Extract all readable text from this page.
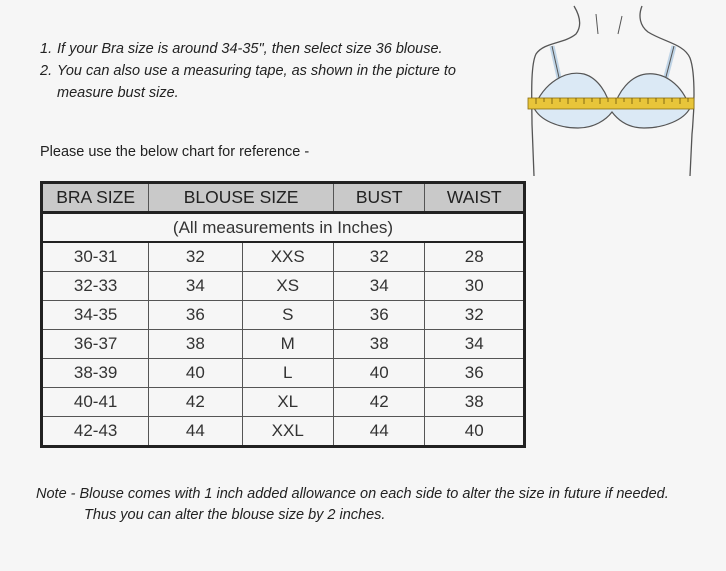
1. If your Bra size is around 34-35", then select size 36 blouse.
2. You can also use a measuring tape, as shown in the picture to measure bust size.
Please use the below chart for reference -
BRA SIZE	BLOUSE SIZE		BUST	WAIST
(All measurements in Inches)				
30-31	32	XXS	32	28
32-33	34	XS	34	30
34-35	36	S	36	32
36-37	38	M	38	34
38-39	40	L	40	36
40-41	42	XL	42	38
42-43	44	XXL	44	40
Note - Blouse comes with 1 inch added allowance on each side to alter the size in future if needed.
Thus you can alter the blouse size by 2 inches.
